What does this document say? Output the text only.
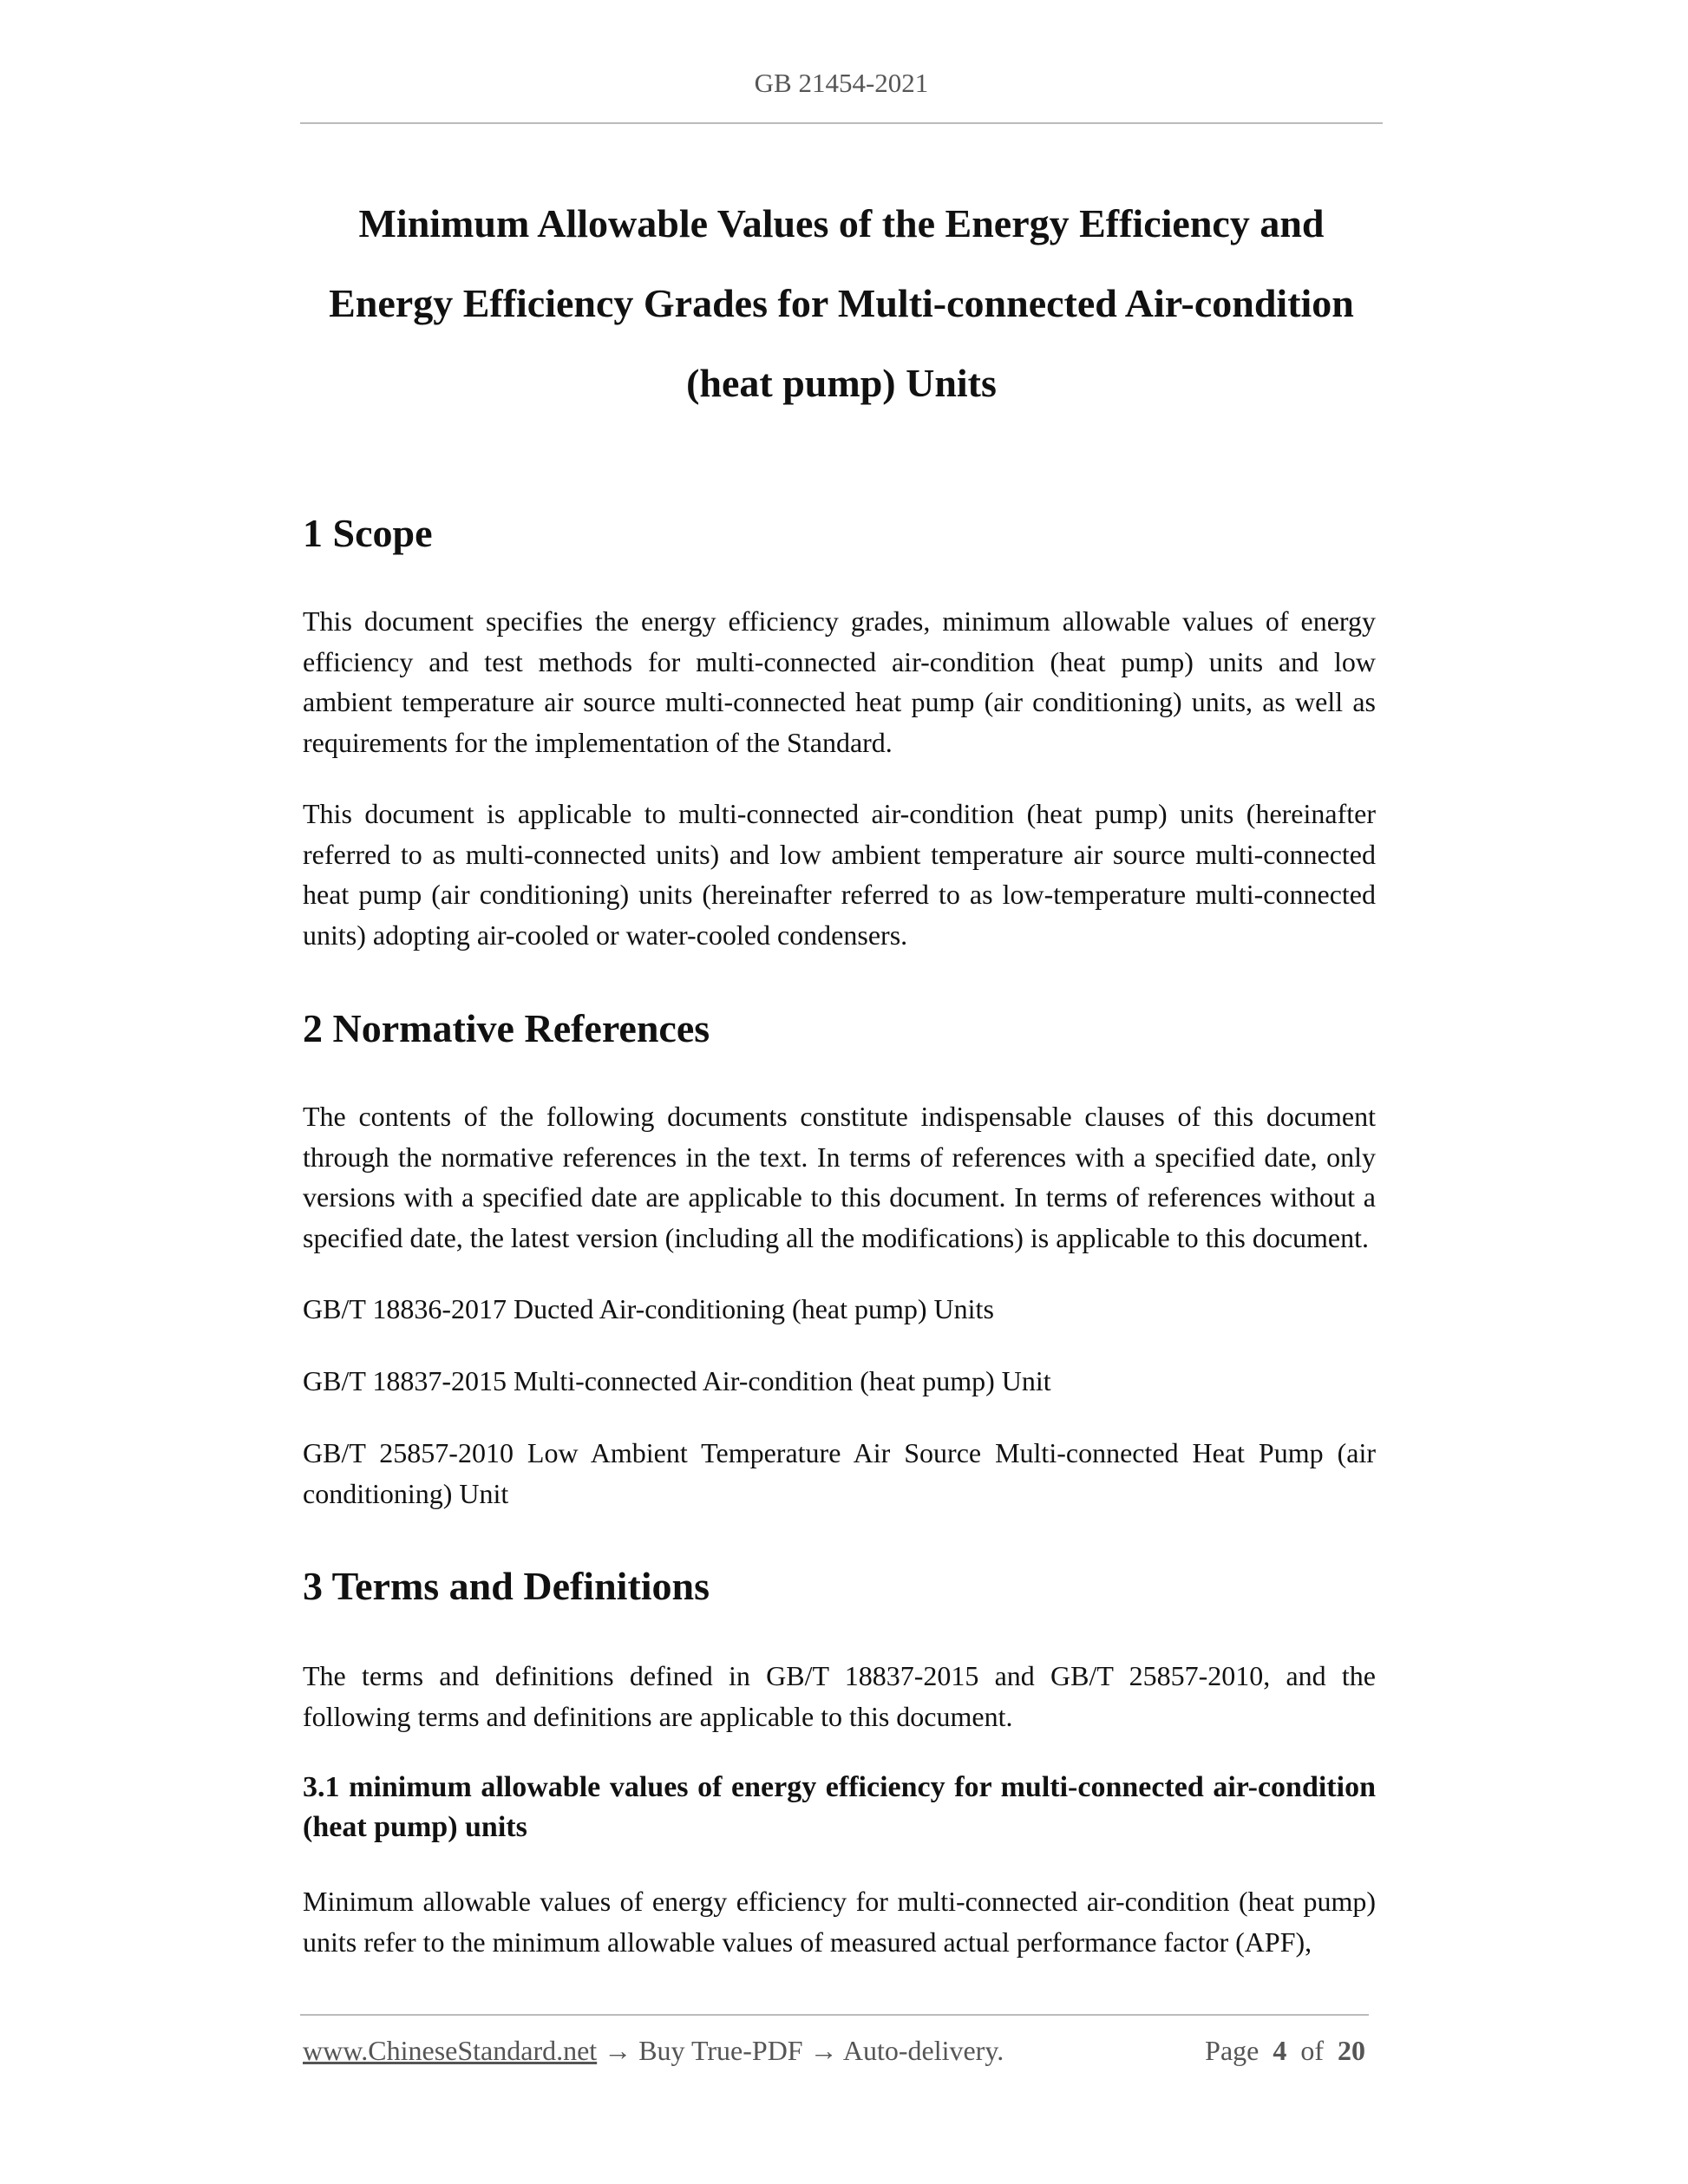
GB 21454-2021
Minimum Allowable Values of the Energy Efficiency and
Energy Efficiency Grades for Multi-connected Air-condition
(heat pump) Units
1 Scope

This document specifies the energy efficiency grades, minimum allowable values of energy efficiency and test methods for multi-connected air-condition (heat pump) units and low ambient temperature air source multi-connected heat pump (air conditioning) units, as well as requirements for the implementation of the Standard.

This document is applicable to multi-connected air-condition (heat pump) units (hereinafter referred to as multi-connected units) and low ambient temperature air source multi-connected heat pump (air conditioning) units (hereinafter referred to as low-temperature multi-connected units) adopting air-cooled or water-cooled condensers.

2 Normative References

The contents of the following documents constitute indispensable clauses of this document through the normative references in the text. In terms of references with a specified date, only versions with a specified date are applicable to this document. In terms of references without a specified date, the latest version (including all the modifications) is applicable to this document.

GB/T 18836-2017 Ducted Air-conditioning (heat pump) Units

GB/T 18837-2015 Multi-connected Air-condition (heat pump) Unit

GB/T 25857-2010 Low Ambient Temperature Air Source Multi-connected Heat Pump (air conditioning) Unit

3 Terms and Definitions

The terms and definitions defined in GB/T 18837-2015 and GB/T 25857-2010, and the following terms and definitions are applicable to this document.

3.1 minimum allowable values of energy efficiency for multi-connected air-condition (heat pump) units

Minimum allowable values of energy efficiency for multi-connected air-condition (heat pump) units refer to the minimum allowable values of measured actual performance factor (APF),

www.ChineseStandard.net → Buy True-PDF → Auto-delivery.	Page 4 of 20
